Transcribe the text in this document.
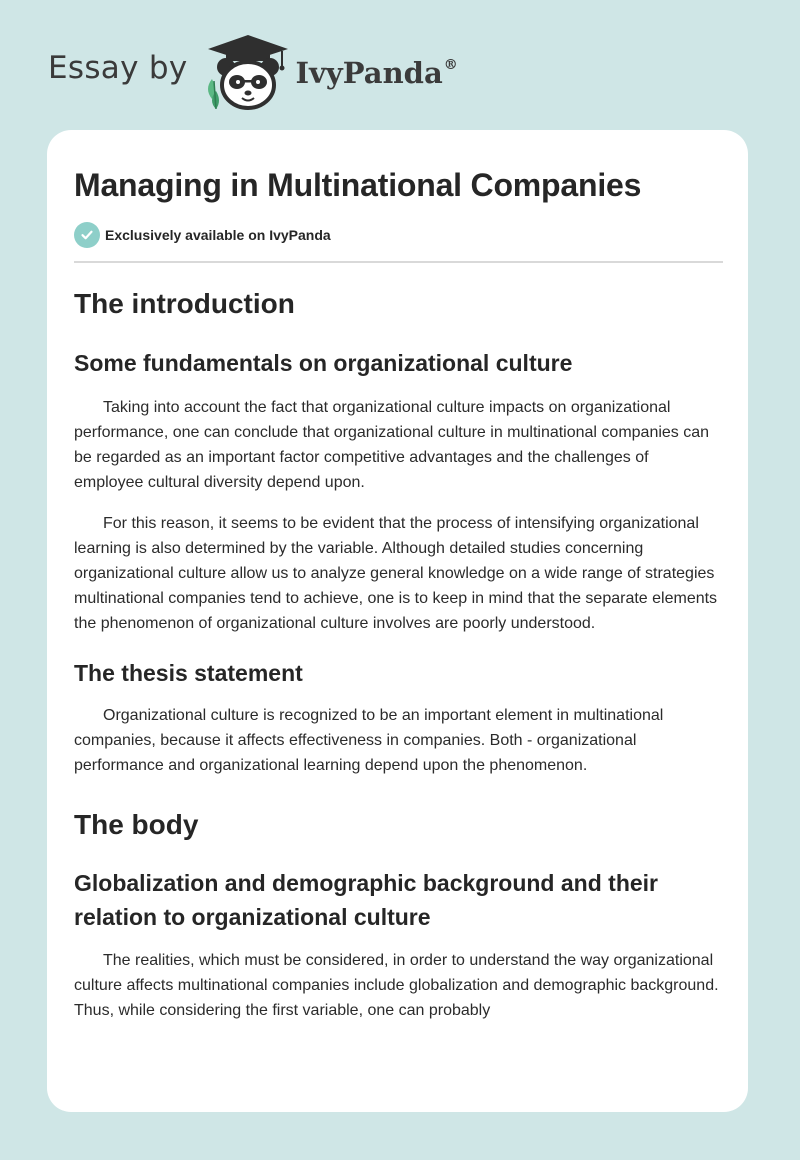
Essay by	IvyPanda®
Managing in Multinational Companies
Exclusively available on IvyPanda
The introduction
Some fundamentals on organizational culture

Taking into account the fact that organizational culture impacts on organizational performance, one can conclude that organizational culture in multinational companies can be regarded as an important factor competitive advantages and the challenges of employee cultural diversity depend upon.

For this reason, it seems to be evident that the process of intensifying organizational learning is also determined by the variable. Although detailed studies concerning organizational culture allow us to analyze general knowledge on a wide range of strategies multinational companies tend to achieve, one is to keep in mind that the separate elements the phenomenon of organizational culture involves are poorly understood.

The thesis statement

Organizational culture is recognized to be an important element in multinational companies, because it affects effectiveness in companies. Both - organizational performance and organizational learning depend upon the phenomenon.

The body
Globalization and demographic background and their relation to organizational culture

The realities, which must be considered, in order to understand the way organizational culture affects multinational companies include globalization and demographic background. Thus, while considering the first variable, one can probably
